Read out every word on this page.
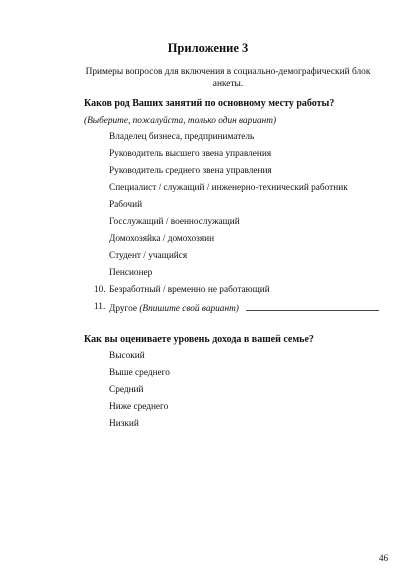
Приложение 3
Примеры вопросов для включения в социально-демографический блок анкеты.
Каков род Ваших занятий по основному месту работы?
(Выберите, пожалуйста, только один вариант)
Владелец бизнеса, предприниматель
Руководитель высшего звена управления
Руководитель среднего звена управления
Специалист / служащий / инженерно-технический работник
Рабочий
Госслужащий / военнослужащий
Домохозяйка / домохозяин
Студент / учащийся
Пенсионер
10. Безработный / временно не работающий
11. Другое (Впишите свой вариант)
Как вы оцениваете уровень дохода в вашей семье?
Высокий
Выше среднего
Средний
Ниже среднего
Низкий
46
